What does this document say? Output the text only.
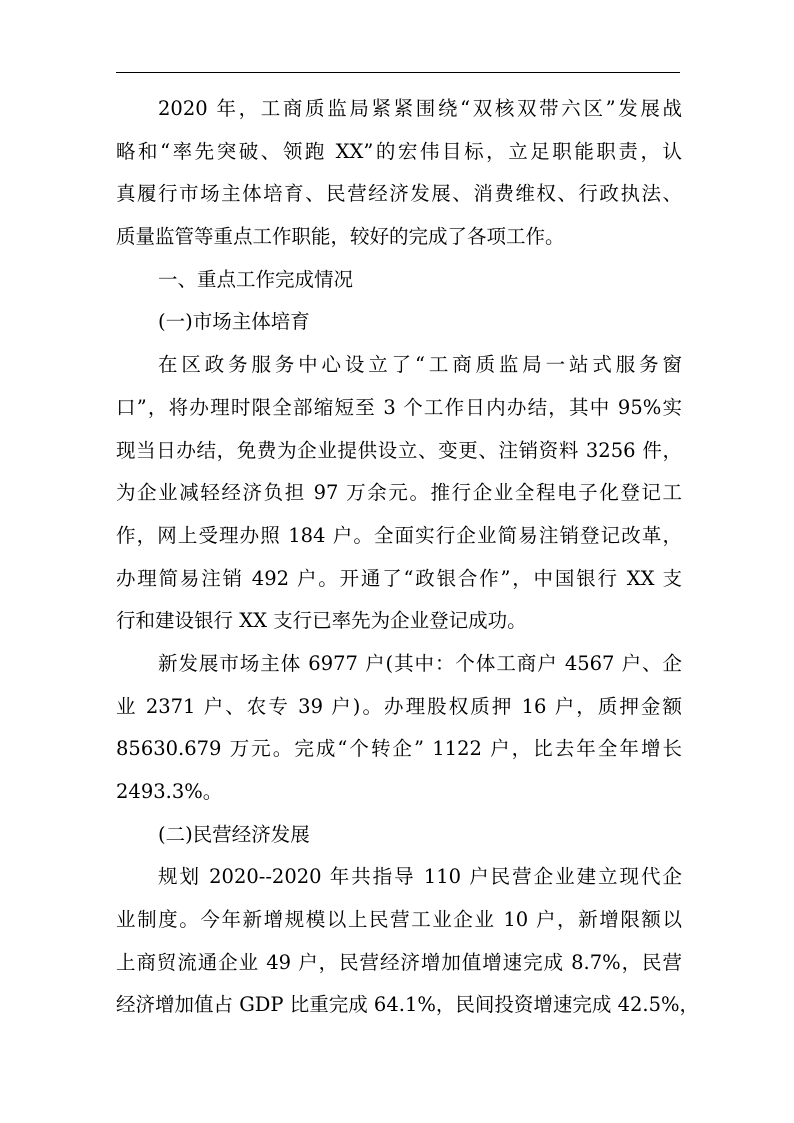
2020 年，工商质监局紧紧围绕“双核双带六区”发展战
略和“率先突破、领跑 XX”的宏伟目标，立足职能职责，认
真履行市场主体培育、民营经济发展、消费维权、行政执法、
质量监管等重点工作职能，较好的完成了各项工作。
一、重点工作完成情况
(一)市场主体培育
在区政务服务中心设立了“工商质监局一站式服务窗
口”，将办理时限全部缩短至 3 个工作日内办结，其中 95%实
现当日办结，免费为企业提供设立、变更、注销资料 3256 件，
为企业减轻经济负担 97 万余元。推行企业全程电子化登记工
作，网上受理办照 184 户。全面实行企业简易注销登记改革，
办理简易注销 492 户。开通了“政银合作”，中国银行 XX 支
行和建设银行 XX 支行已率先为企业登记成功。
新发展市场主体 6977 户(其中：个体工商户 4567 户、企
业 2371 户、农专 39 户)。办理股权质押 16 户，质押金额
85630.679 万元。完成“个转企” 1122 户，比去年全年增长
2493.3%。
(二)民营经济发展
规划 2020--2020 年共指导 110 户民营企业建立现代企
业制度。今年新增规模以上民营工业企业 10 户，新增限额以
上商贸流通企业 49 户，民营经济增加值增速完成 8.7%，民营
经济增加值占 GDP 比重完成 64.1%，民间投资增速完成 42.5%，
